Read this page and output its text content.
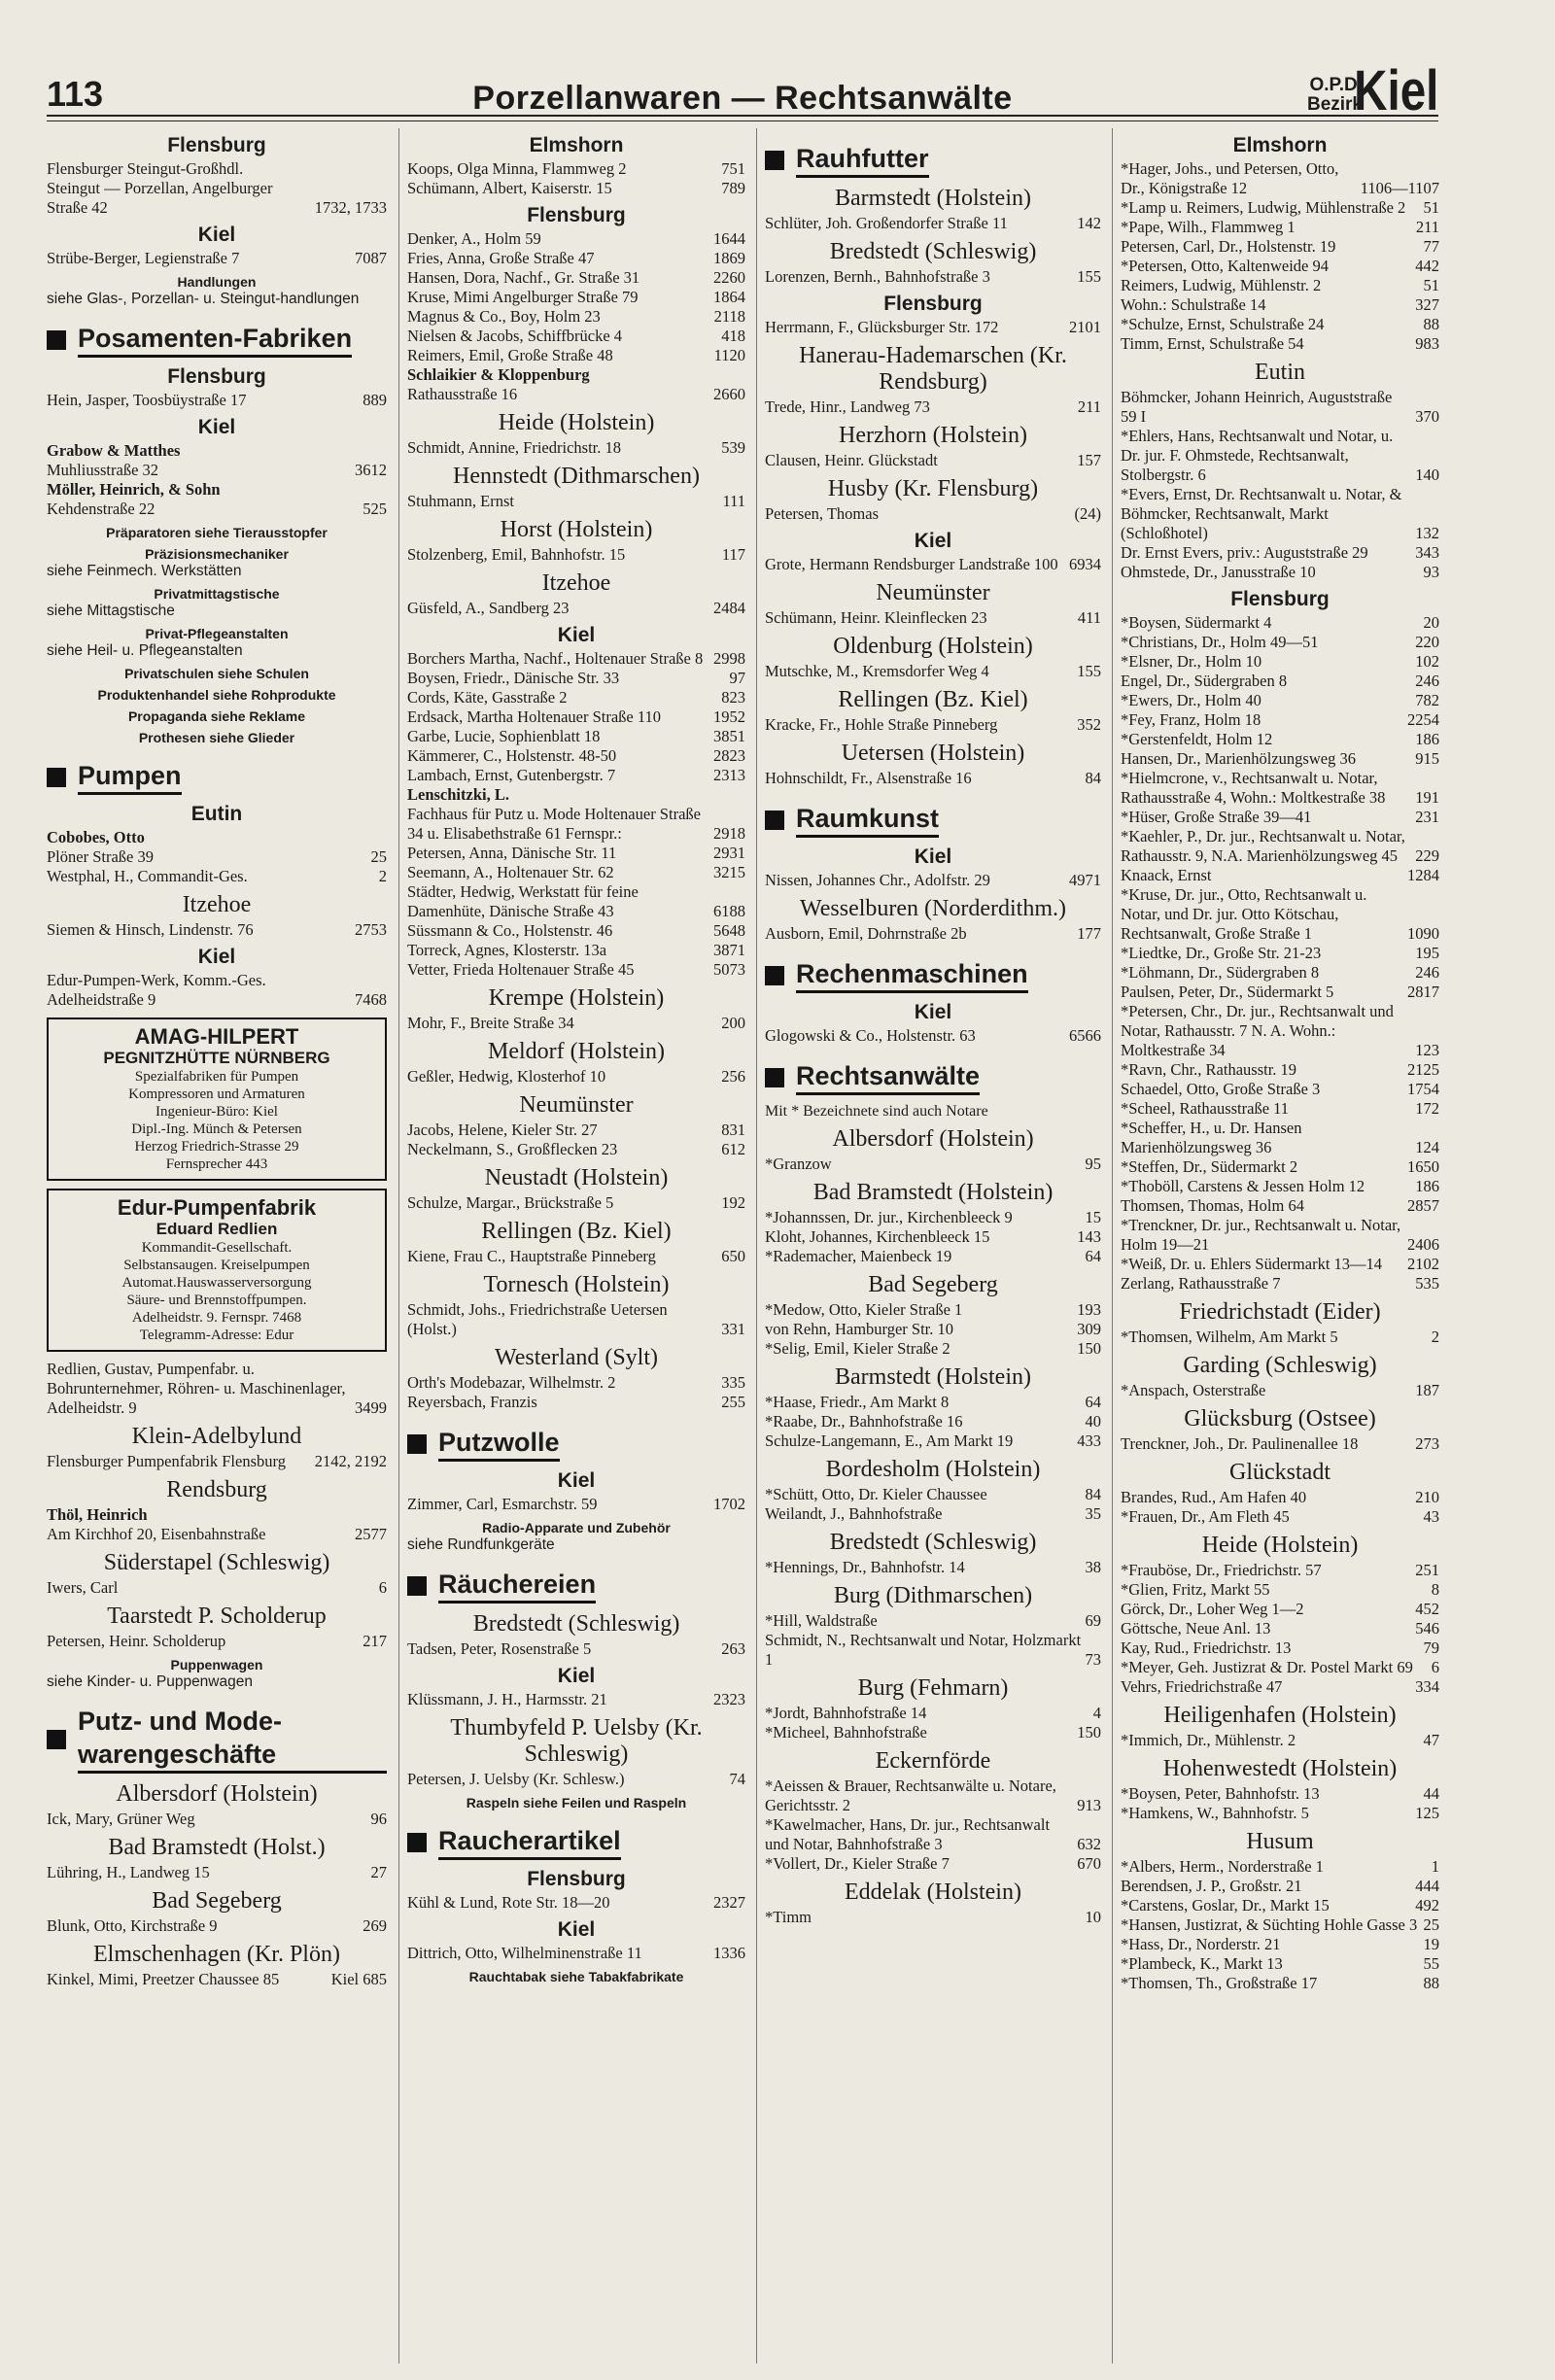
113	Porzellanwaren — Rechtsanwälte	O.P.D.
Bezirk
Kiel
Flensburg
Flensburger Steingut-Großhdl.
Steingut — Porzellan, Angelburger Straße 42	1732, 1733
Kiel
Strübe-Berger, Legienstraße 7	7087
Handlungen
siehe Glas-, Porzellan- u. Steingut-handlungen
Posamenten-Fabriken
Flensburg
Hein, Jasper, Toosbüystraße 17	889
Kiel
Grabow & Matthes
Muhliusstraße 32	3612
Möller, Heinrich, & Sohn
Kehdenstraße 22	525
Präparatoren siehe Tierausstopfer
Präzisionsmechaniker
siehe Feinmech. Werkstätten
Privatmittagstische
siehe Mittagstische
Privat-Pflegeanstalten
siehe Heil- u. Pflegeanstalten
Privatschulen siehe Schulen
Produktenhandel siehe Rohprodukte
Propaganda siehe Reklame
Prothesen siehe Glieder
Pumpen
Eutin
Cobobes, Otto
Plöner Straße 39	25
Westphal, H., Commandit-Ges.	2
Itzehoe
Siemen & Hinsch, Lindenstr. 76	2753
Kiel
Edur-Pumpen-Werk, Komm.-Ges. Adelheidstraße 9	7468
AMAG-HILPERT
PEGNITZHÜTTE NÜRNBERG
Spezialfabriken für Pumpen
Kompressoren und Armaturen
Ingenieur-Büro: Kiel
Dipl.-Ing. Münch & Petersen
Herzog Friedrich-Strasse 29
Fernsprecher 443
Edur-Pumpenfabrik
Eduard Redlien
Kommandit-Gesellschaft.
Selbstansaugen. Kreiselpumpen
Automat.Hauswasserversorgung
Säure- und Brennstoffpumpen.
Adelheidstr. 9. Fernspr. 7468
Telegramm-Adresse: Edur
Redlien, Gustav, Pumpenfabr. u. Bohrunternehmer, Röhren- u. Maschinenlager, Adelheidstr. 9	3499
Klein-Adelbylund
Flensburger Pumpenfabrik Flensburg	2142, 2192
Rendsburg
Thöl, Heinrich
Am Kirchhof 20, Eisenbahnstraße	2577
Süderstapel (Schleswig)
Iwers, Carl	6
Taarstedt P. Scholderup
Petersen, Heinr. Scholderup	217
Puppenwagen
siehe Kinder- u. Puppenwagen
Putz- und Mode-warengeschäfte
Albersdorf (Holstein)
Ick, Mary, Grüner Weg	96
Bad Bramstedt (Holst.)
Lühring, H., Landweg 15	27
Bad Segeberg
Blunk, Otto, Kirchstraße 9	269
Elmschenhagen (Kr. Plön)
Kinkel, Mimi, Preetzer Chaussee 85	Kiel 685
Elmshorn
Koops, Olga Minna, Flammweg 2	751
Schümann, Albert, Kaiserstr. 15	789
Flensburg
Denker, A., Holm 59	1644
Fries, Anna, Große Straße 47	1869
Hansen, Dora, Nachf., Gr. Straße 31	2260
Kruse, Mimi Angelburger Straße 79	1864
Magnus & Co., Boy, Holm 23	2118
Nielsen & Jacobs, Schiffbrücke 4	418
Reimers, Emil, Große Straße 48	1120
Schlaikier & Kloppenburg
Rathausstraße 16	2660
Heide (Holstein)
Schmidt, Annine, Friedrichstr. 18	539
Hennstedt (Dithmarschen)
Stuhmann, Ernst	111
Horst (Holstein)
Stolzenberg, Emil, Bahnhofstr. 15	117
Itzehoe
Güsfeld, A., Sandberg 23	2484
Kiel
Borchers Martha, Nachf., Holtenauer Straße 8 2998
Boysen, Friedr., Dänische Str. 33	97
Cords, Käte, Gasstraße 2	823
Erdsack, Martha Holtenauer Straße 110	1952
Garbe, Lucie, Sophienblatt 18	3851
Kämmerer, C., Holstenstr. 48-50	2823
Lambach, Ernst, Gutenbergstr. 7	2313
Lenschitzki, L.
Fachhaus für Putz u. Mode Holtenauer Straße 34 u. Elisabethstraße 61 Fernspr.:	2918
Petersen, Anna, Dänische Str. 11	2931
Seemann, A., Holtenauer Str. 62	3215
Städter, Hedwig, Werkstatt für feine Damenhüte, Dänische Straße 43	6188
Süssmann & Co., Holstenstr. 46	5648
Torreck, Agnes, Klosterstr. 13a	3871
Vetter, Frieda Holtenauer Straße 45	5073
Krempe (Holstein)
Mohr, F., Breite Straße 34	200
Meldorf (Holstein)
Geßler, Hedwig, Klosterhof 10	256
Neumünster
Jacobs, Helene, Kieler Str. 27	831
Neckelmann, S., Großflecken 23	612
Neustadt (Holstein)
Schulze, Margar., Brückstraße 5	192
Rellingen (Bz. Kiel)
Kiene, Frau C., Hauptstraße Pinneberg	650
Tornesch (Holstein)
Schmidt, Johs., Friedrichstraße Uetersen (Holst.)	331
Westerland (Sylt)
Orth's Modebazar, Wilhelmstr. 2	335
Reyersbach, Franzis	255
Putzwolle
Kiel
Zimmer, Carl, Esmarchstr. 59	1702
Radio-Apparate und Zubehör
siehe Rundfunkgeräte
Räuchereien
Bredstedt (Schleswig)
Tadsen, Peter, Rosenstraße 5	263
Kiel
Klüssmann, J. H., Harmsstr. 21	2323
Thumbyfeld P. Uelsby (Kr. Schleswig)
Petersen, J. Uelsby (Kr. Schlesw.)	74
Raspeln siehe Feilen und Raspeln
Raucherartikel
Flensburg
Kühl & Lund, Rote Str. 18—20	2327
Kiel
Dittrich, Otto, Wilhelminenstraße 11	1336
Rauchtabak siehe Tabakfabrikate
Rauhfutter
Barmstedt (Holstein)
Schlüter, Joh. Großendorfer Straße 11	142
Bredstedt (Schleswig)
Lorenzen, Bernh., Bahnhofstraße 3	155
Flensburg
Herrmann, F., Glücksburger Str. 172	2101
Hanerau-Hademarschen (Kr. Rendsburg)
Trede, Hinr., Landweg 73	211
Herzhorn (Holstein)
Clausen, Heinr. Glückstadt	157
Husby (Kr. Flensburg)
Petersen, Thomas	(24)
Kiel
Grote, Hermann Rendsburger Landstraße 100 6934
Neumünster
Schümann, Heinr. Kleinflecken 23	411
Oldenburg (Holstein)
Mutschke, M., Kremsdorfer Weg 4	155
Rellingen (Bz. Kiel)
Kracke, Fr., Hohle Straße Pinneberg	352
Uetersen (Holstein)
Hohnschildt, Fr., Alsenstraße 16	84
Raumkunst
Kiel
Nissen, Johannes Chr., Adolfstr. 29	4971
Wesselburen (Norderdithm.)
Ausborn, Emil, Dohrnstraße 2b	177
Rechenmaschinen
Kiel
Glogowski & Co., Holstenstr. 63	6566
Rechtsanwälte
Mit * Bezeichnete sind auch Notare
Albersdorf (Holstein)
*Granzow	95
Bad Bramstedt (Holstein)
*Johannssen, Dr. jur., Kirchenbleeck 9	15
Kloht, Johannes, Kirchenbleeck 15	143
*Rademacher, Maienbeck 19	64
Bad Segeberg
*Medow, Otto, Kieler Straße 1	193
von Rehn, Hamburger Str. 10	309
*Selig, Emil, Kieler Straße 2	150
Barmstedt (Holstein)
*Haase, Friedr., Am Markt 8	64
*Raabe, Dr., Bahnhofstraße 16	40
Schulze-Langemann, E., Am Markt 19	433
Bordesholm (Holstein)
*Schütt, Otto, Dr. Kieler Chaussee	84
Weilandt, J., Bahnhofstraße	35
Bredstedt (Schleswig)
*Hennings, Dr., Bahnhofstr. 14	38
Burg (Dithmarschen)
*Hill, Waldstraße	69
Schmidt, N., Rechtsanwalt und Notar, Holzmarkt 1	73
Burg (Fehmarn)
*Jordt, Bahnhofstraße 14	4
*Micheel, Bahnhofstraße	150
Eckernförde
*Aeissen & Brauer, Rechtsanwälte u. Notare, Gerichtsstr. 2	913
*Kawelmacher, Hans, Dr. jur., Rechtsanwalt und Notar, Bahnhofstraße 3	632
*Vollert, Dr., Kieler Straße 7	670
Eddelak (Holstein)
*Timm	10
Elmshorn
*Hager, Johs., und Petersen, Otto, Dr., Königstraße 12	1106—1107
*Lamp u. Reimers, Ludwig, Mühlenstraße 2	51
*Pape, Wilh., Flammweg 1	211
Petersen, Carl, Dr., Holstenstr. 19	77
*Petersen, Otto, Kaltenweide 94	442
Reimers, Ludwig, Mühlenstr. 2	51
Wohn.: Schulstraße 14	327
*Schulze, Ernst, Schulstraße 24	88
Timm, Ernst, Schulstraße 54	983
Eutin
Böhmcker, Johann Heinrich, Auguststraße 59 I	370
*Ehlers, Hans, Rechtsanwalt und Notar, u. Dr. jur. F. Ohmstede, Rechtsanwalt, Stolbergstr. 6	140
*Evers, Ernst, Dr. Rechtsanwalt u. Notar, & Böhmcker, Rechtsanwalt, Markt (Schloßhotel)	132
Dr. Ernst Evers, priv.: Auguststraße 29	343
Ohmstede, Dr., Janusstraße 10	93
Flensburg
*Boysen, Südermarkt 4	20
*Christians, Dr., Holm 49—51	220
*Elsner, Dr., Holm 10	102
Engel, Dr., Südergraben 8	246
*Ewers, Dr., Holm 40	782
*Fey, Franz, Holm 18	2254
*Gerstenfeldt, Holm 12	186
Hansen, Dr., Marienhölzungsweg 36	915
*Hielmcrone, v., Rechtsanwalt u. Notar, Rathausstraße 4, Wohn.: Moltkestraße 38	191
*Hüser, Große Straße 39—41	231
*Kaehler, P., Dr. jur., Rechtsanwalt u. Notar, Rathausstr. 9, N.A. Marienhölzungsweg 45	229
Knaack, Ernst	1284
*Kruse, Dr. jur., Otto, Rechtsanwalt u. Notar, und Dr. jur. Otto Kötschau, Rechtsanwalt, Große Straße 1	1090
*Liedtke, Dr., Große Str. 21-23	195
*Löhmann, Dr., Südergraben 8	246
Paulsen, Peter, Dr., Südermarkt 5	2817
*Petersen, Chr., Dr. jur., Rechtsanwalt und Notar, Rathausstr. 7 N. A. Wohn.: Moltkestraße 34	123
*Ravn, Chr., Rathausstr. 19	2125
Schaedel, Otto, Große Straße 3	1754
*Scheel, Rathausstraße 11	172
*Scheffer, H., u. Dr. Hansen Marienhölzungsweg 36	124
*Steffen, Dr., Südermarkt 2	1650
*Thoböll, Carstens & Jessen Holm 12	186
Thomsen, Thomas, Holm 64	2857
*Trenckner, Dr. jur., Rechtsanwalt u. Notar, Holm 19—21	2406
*Weiß, Dr. u. Ehlers Südermarkt 13—14	2102
Zerlang, Rathausstraße 7	535
Friedrichstadt (Eider)
*Thomsen, Wilhelm, Am Markt 5	2
Garding (Schleswig)
*Anspach, Osterstraße	187
Glücksburg (Ostsee)
Trenckner, Joh., Dr. Paulinenallee 18	273
Glückstadt
Brandes, Rud., Am Hafen 40	210
*Frauen, Dr., Am Fleth 45	43
Heide (Holstein)
*Frauböse, Dr., Friedrichstr. 57	251
*Glien, Fritz, Markt 55	8
Görck, Dr., Loher Weg 1—2	452
Göttsche, Neue Anl. 13	546
Kay, Rud., Friedrichstr. 13	79
*Meyer, Geh. Justizrat & Dr. Postel Markt 69	6
Vehrs, Friedrichstraße 47	334
Heiligenhafen (Holstein)
*Immich, Dr., Mühlenstr. 2	47
Hohenwestedt (Holstein)
*Boysen, Peter, Bahnhofstr. 13	44
*Hamkens, W., Bahnhofstr. 5	125
Husum
*Albers, Herm., Norderstraße 1	1
Berendsen, J. P., Großstr. 21	444
*Carstens, Goslar, Dr., Markt 15	492
*Hansen, Justizrat, & Süchting Hohle Gasse 3 25
*Hass, Dr., Norderstr. 21	19
*Plambeck, K., Markt 13	55
*Thomsen, Th., Großstraße 17	88
